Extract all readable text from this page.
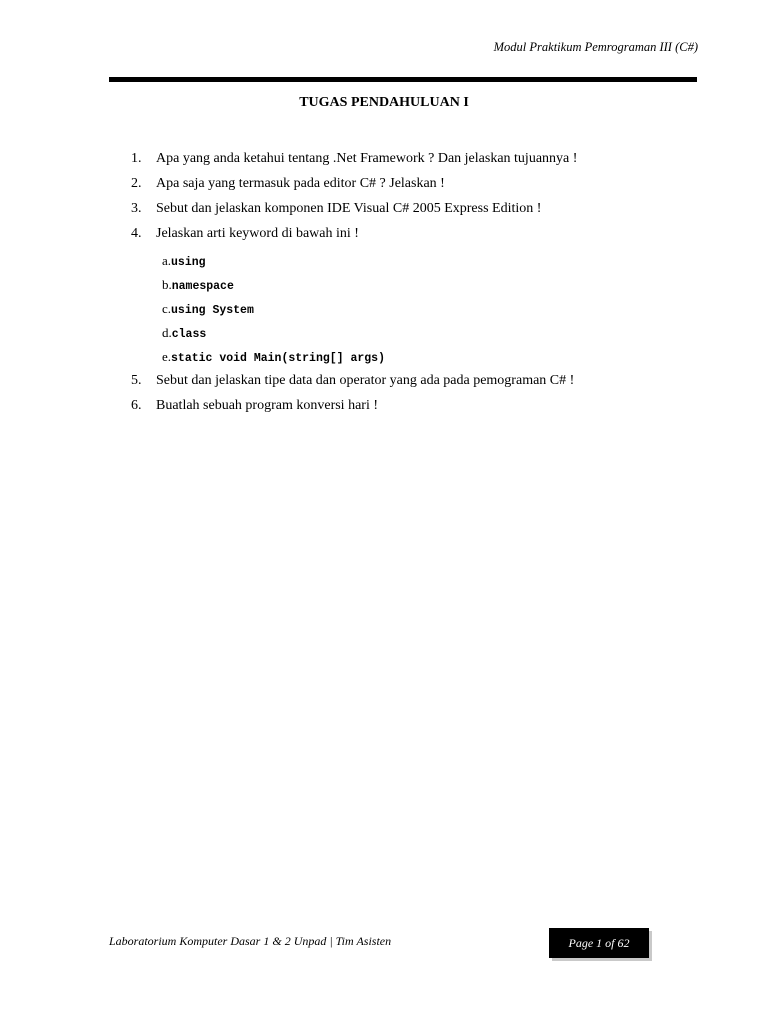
Modul Praktikum Pemrograman III (C#)
TUGAS PENDAHULUAN I
1. Apa yang anda ketahui tentang .Net Framework ? Dan jelaskan tujuannya !
2. Apa saja yang termasuk pada editor C# ? Jelaskan !
3. Sebut dan jelaskan komponen IDE Visual C# 2005 Express Edition !
4. Jelaskan arti keyword di bawah ini !
a.using
b.namespace
c.using System
d.class
e.static void Main(string[] args)
5. Sebut dan jelaskan tipe data dan operator yang ada pada pemograman C# !
6. Buatlah sebuah program konversi hari !
Laboratorium Komputer Dasar 1 & 2 Unpad | Tim Asisten	Page 1 of 62
